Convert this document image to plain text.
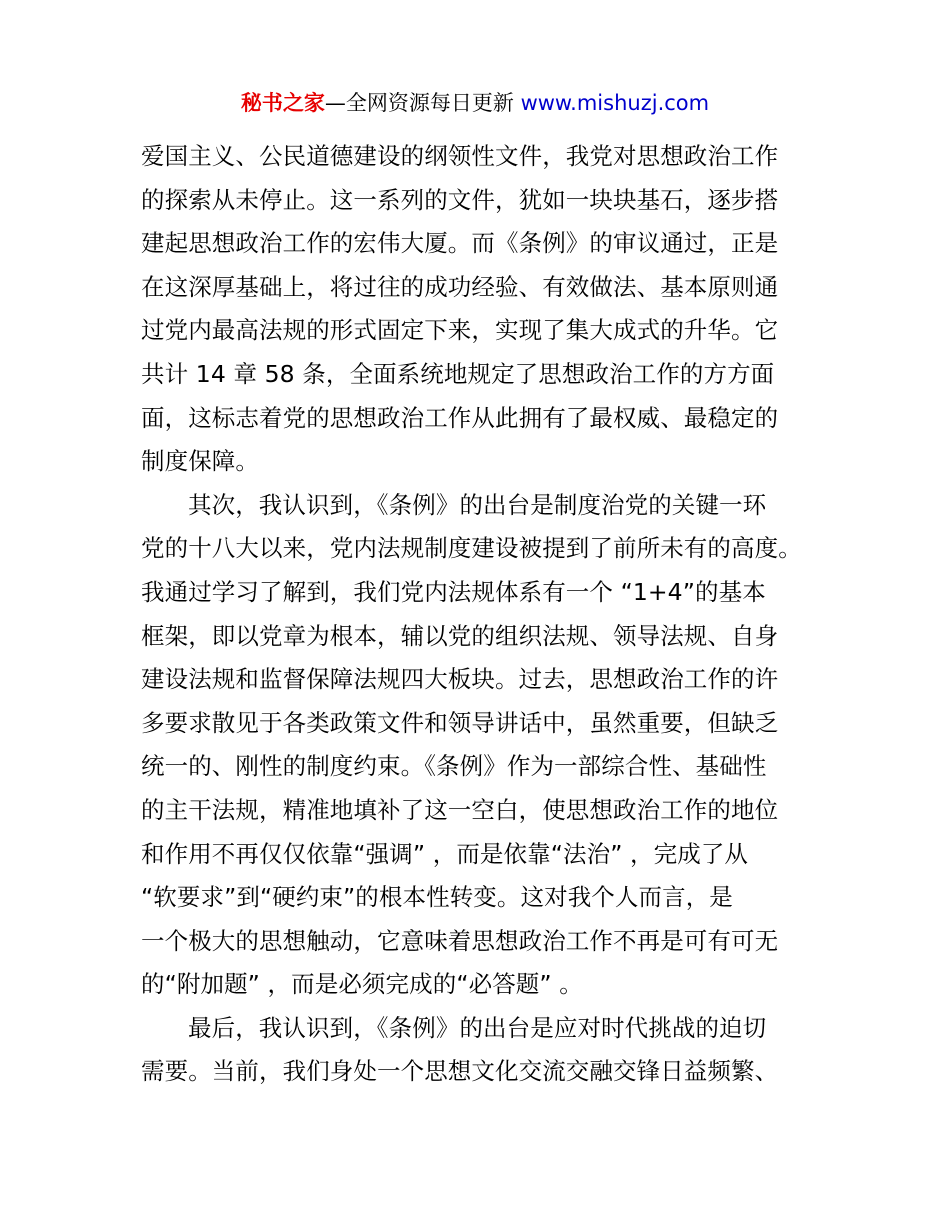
秘书之家—全网资源每日更新 www.mishuzj.com
爱国主义、公民道德建设的纲领性文件，我党对思想政治工作
的探索从未停止。这一系列的文件，犹如一块块基石，逐步搭
建起思想政治工作的宏伟大厦。而《条例》的审议通过，正是
在这深厚基础上，将过往的成功经验、有效做法、基本原则通
过党内最高法规的形式固定下来，实现了集大成式的升华。它
共计 14 章 58 条，全面系统地规定了思想政治工作的方方面
面，这标志着党的思想政治工作从此拥有了最权威、最稳定的
制度保障。
其次，我认识到，《条例》的出台是制度治党的关键一环
党的十八大以来，党内法规制度建设被提到了前所未有的高度。
我通过学习了解到，我们党内法规体系有一个 “1+4”的基本
框架，即以党章为根本，辅以党的组织法规、领导法规、自身
建设法规和监督保障法规四大板块。过去，思想政治工作的许
多要求散见于各类政策文件和领导讲话中，虽然重要，但缺乏
统一的、刚性的制度约束。《条例》作为一部综合性、基础性
的主干法规，精准地填补了这一空白，使思想政治工作的地位
和作用不再仅仅依靠“强调” ，而是依靠“法治” ，完成了从
“软要求”到“硬约束”的根本性转变。这对我个人而言，是
一个极大的思想触动，它意味着思想政治工作不再是可有可无
的“附加题” ，而是必须完成的“必答题” 。
最后，我认识到，《条例》的出台是应对时代挑战的迫切
需要。当前，我们身处一个思想文化交流交融交锋日益频繁、
